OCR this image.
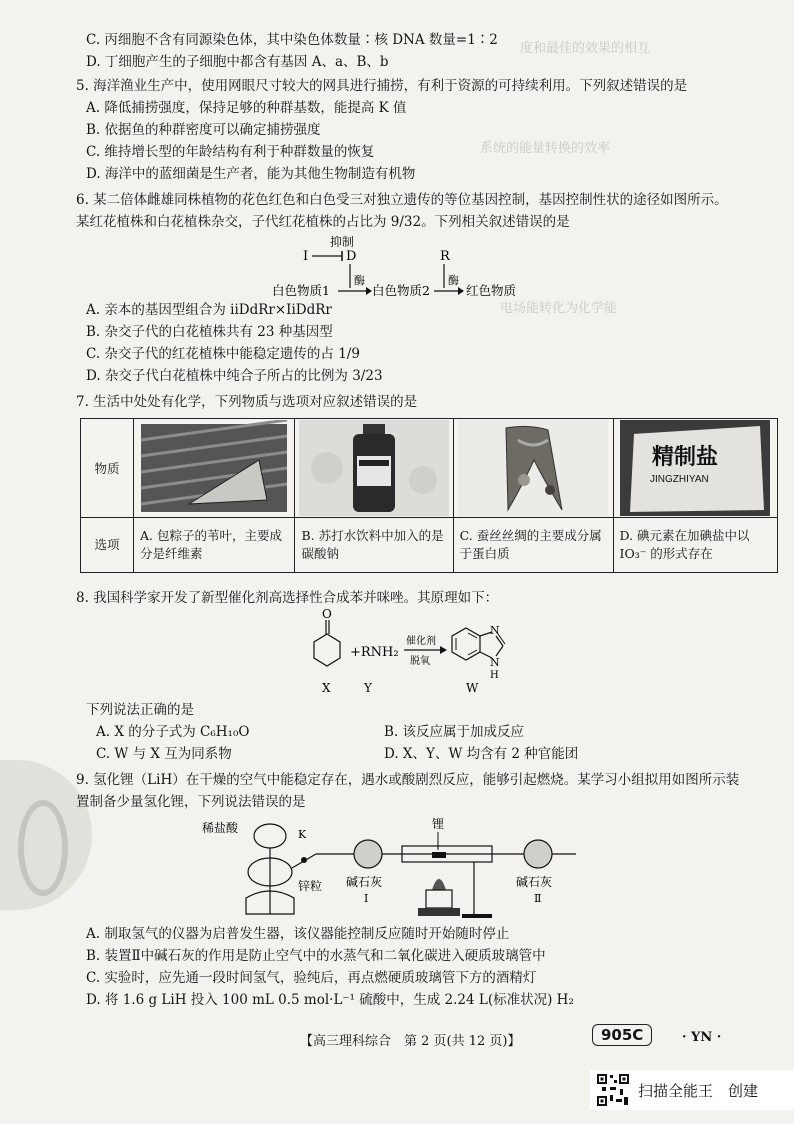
度和最佳的效果的相互
系统的能量转换的效率
电场能转化为化学能
C. 丙细胞不含有同源染色体，其中染色体数量∶核 DNA 数量=1∶2
D. 丁细胞产生的子细胞中都含有基因 A、a、B、b
5. 海洋渔业生产中，使用网眼尺寸较大的网具进行捕捞，有利于资源的可持续利用。下列叙述错误的是
A. 降低捕捞强度，保持足够的种群基数，能提高 K 值
B. 依据鱼的种群密度可以确定捕捞强度
C. 维持增长型的年龄结构有利于种群数量的恢复
D. 海洋中的蓝细菌是生产者，能为其他生物制造有机物
6. 某二倍体雌雄同株植物的花色红色和白色受三对独立遗传的等位基因控制，基因控制性状的途径如图所示。
某红花植株和白花植株杂交，子代红花植株的占比为 9/32。下列相关叙述错误的是
抑制
I	D	R
酶	酶
白色物质1	白色物质2	红色物质
A. 亲本的基因型组合为 iiDdRr×IiDdRr
B. 杂交子代的白花植株共有 23 种基因型
C. 杂交子代的红花植株中能稳定遗传的占 1/9
D. 杂交子代白花植株中纯合子所占的比例为 3/23
7. 生活中处处有化学，下列物质与选项对应叙述错误的是
物质				精制盐
JINGZHIYAN

选项	A. 包粽子的苇叶，主要成分是纤维素	B. 苏打水饮料中加入的是碳酸钠	C. 蚕丝丝绸的主要成分属于蛋白质	D. 碘元素在加碘盐中以 IO₃⁻ 的形式存在
8. 我国科学家开发了新型催化剂高选择性合成苯并咪唑。其原理如下：
O
X
+RNH₂
Y
催化剂
脱氧
N
N
H
W
下列说法正确的是
A. X 的分子式为 C₆H₁₀O	B. 该反应属于加成反应
C. W 与 X 互为同系物	D. X、Y、W 均含有 2 种官能团
9. 氢化锂（LiH）在干燥的空气中能稳定存在，遇水或酸剧烈反应，能够引起燃烧。某学习小组拟用如图所示装
置制备少量氢化锂，下列说法错误的是
稀盐酸	K
锌粒 碱石灰
Ⅰ
锂
碱石灰
Ⅱ
A. 制取氢气的仪器为启普发生器，该仪器能控制反应随时开始随时停止
B. 装置Ⅱ中碱石灰的作用是防止空气中的水蒸气和二氧化碳进入硬质玻璃管中
C. 实验时，应先通一段时间氢气，验纯后，再点燃硬质玻璃管下方的酒精灯
D. 将 1.6 g LiH 投入 100 mL 0.5 mol·L⁻¹ 硫酸中，生成 2.24 L(标准状况) H₂
【高三理科综合　第 2 页(共 12 页)】	905C	· YN ·
扫描全能王　创建
